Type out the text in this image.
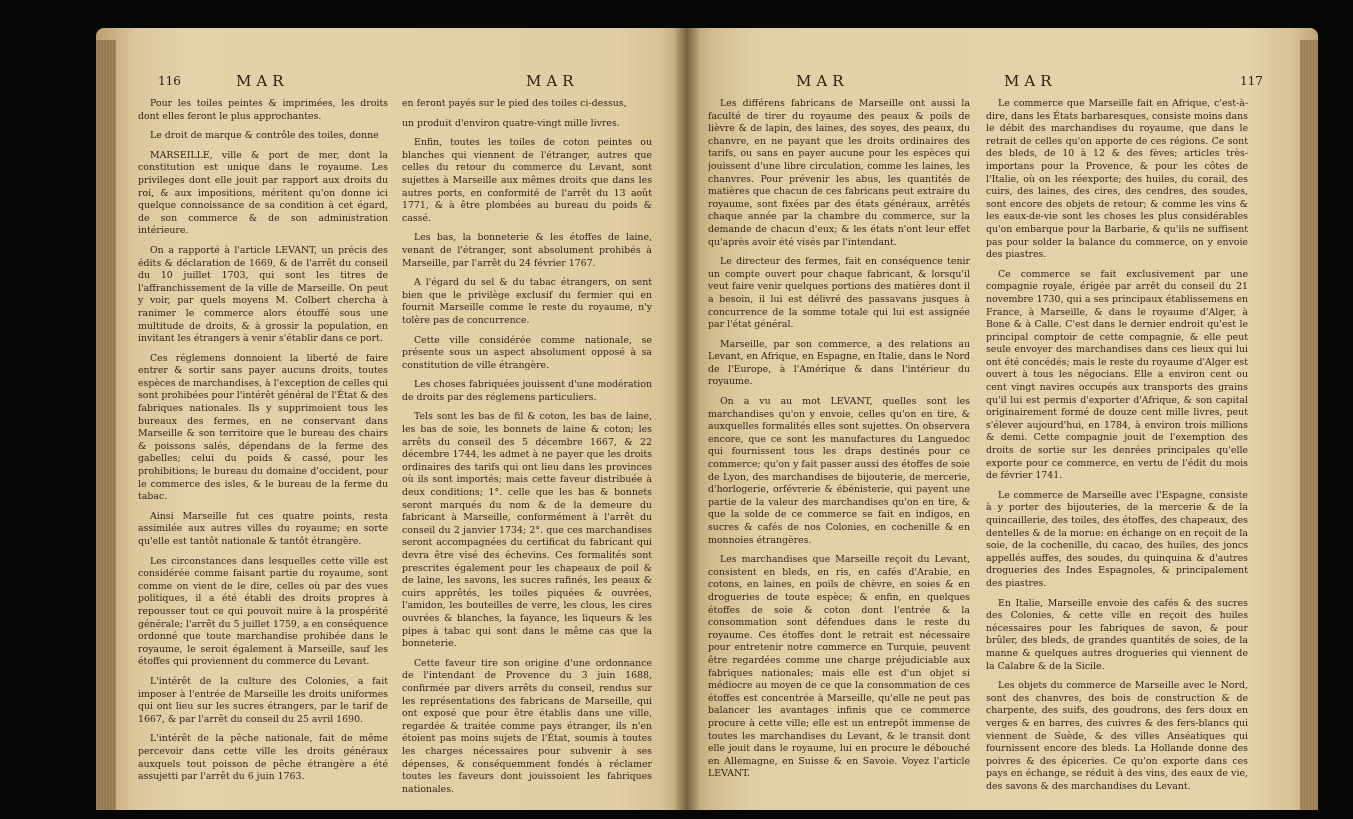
116	MAR	MAR

Pour les toiles peintes & imprimées, les droits dont elles feront le plus approchantes.

Le droit de marque & contrôle des toiles, donne

MARSEILLE, ville & port de mer, dont la constitution est unique dans le royaume. Les privileges dont elle jouit par rapport aux droits du roi, & aux impositions, méritent qu'on donne ici quelque connoissance de sa condition à cet égard, de son commerce & de son administration intérieure.

On a rapporté à l'article LEVANT, un précis des édits & déclaration de 1669, & de l'arrêt du conseil du 10 juillet 1703, qui sont les titres de l'affranchissement de la ville de Marseille. On peut y voir, par quels moyens M. Colbert chercha à ranimer le commerce alors étouffé sous une multitude de droits, & à grossir la population, en invitant les étrangers à venir s'établir dans ce port.

Ces réglemens donnoient la liberté de faire entrer & sortir sans payer aucuns droits, toutes espèces de marchandises, à l'exception de celles qui sont prohibées pour l'intérêt général de l'État & des fabriques nationales. Ils y supprimoient tous les bureaux des fermes, en ne conservant dans Marseille & son territoire que le bureau des chairs & poissons salés, dépendans de la ferme des gabelles; celui du poids & cassé, pour les prohibitions; le bureau du domaine d'occident, pour le commerce des isles, & le bureau de la ferme du tabac.

Ainsi Marseille fut ces quatre points, resta assimilée aux autres villes du royaume; en sorte qu'elle est tantôt nationale & tantôt étrangère.

Les circonstances dans lesquelles cette ville est considérée comme faisant partie du royaume, sont comme on vient de le dire, celles où par des vues politiques, il a été établi des droits propres à repousser tout ce qui pouvoit nuire à la prospérité générale; l'arrêt du 5 juillet 1759, a en conséquence ordonné que toute marchandise prohibée dans le royaume, le seroit également à Marseille, sauf les étoffes qui proviennent du commerce du Levant.

L'intérêt de la culture des Colonies, a fait imposer à l'entrée de Marseille les droits uniformes qui ont lieu sur les sucres étrangers, par le tarif de 1667, & par l'arrêt du conseil du 25 avril 1690.

L'intérêt de la pêche nationale, fait de même percevoir dans cette ville les droits généraux auxquels tout poisson de pêche étrangère a été assujetti par l'arrêt du 6 juin 1763.

en feront payés sur le pied des toiles ci-dessus,

un produit d'environ quatre-vingt mille livres.

Enfin, toutes les toiles de coton peintes ou blanches qui viennent de l'étranger, autres que celles du retour du commerce du Levant, sont sujettes à Marseille aux mêmes droits que dans les autres ports, en conformité de l'arrêt du 13 août 1771, & à être plombées au bureau du poids & cassé.

Les bas, la bonneterie & les étoffes de laine, venant de l'étranger, sont absolument prohibés à Marseille, par l'arrêt du 24 février 1767.

A l'égard du sel & du tabac étrangers, on sent bien que le privilège exclusif du fermier qui en fournit Marseille comme le reste du royaume, n'y tolère pas de concurrence.

Cette ville considérée comme nationale, se présente sous un aspect absolument opposé à sa constitution de ville étrangère.

Les choses fabriquées jouissent d'une modération de droits par des réglemens particuliers.

Tels sont les bas de fil & coton, les bas de laine, les bas de soie, les bonnets de laine & coton; les arrêts du conseil des 5 décembre 1667, & 22 décembre 1744, les admet à ne payer que les droits ordinaires des tarifs qui ont lieu dans les provinces où ils sont importés; mais cette faveur distribuée à deux conditions; 1°. celle que les bas & bonnets seront marqués du nom & de la demeure du fabricant à Marseille, conformément à l'arrêt du conseil du 2 janvier 1734; 2°. que ces marchandises seront accompagnées du certificat du fabricant qui devra être visé des échevins. Ces formalités sont prescrites également pour les chapeaux de poil & de laine, les savons, les sucres rafinés, les peaux & cuirs apprêtés, les toiles piquées & ouvrées, l'amidon, les bouteilles de verre, les clous, les cires ouvrées & blanches, la fayance, les liqueurs & les pipes à tabac qui sont dans le même cas que la bonneterie.

Cette faveur tire son origine d'une ordonnance de l'intendant de Provence du 3 juin 1688, confirmée par divers arrêts du conseil, rendus sur les représentations des fabricans de Marseille, qui ont exposé que pour être établis dans une ville, regardée & traitée comme pays étranger, ils n'en étoient pas moins sujets de l'État, soumis à toutes les charges nécessaires pour subvenir à ses dépenses, & conséquemment fondés à réclamer toutes les faveurs dont jouissoient les fabriques nationales.

MAR	MAR	117

Les différens fabricans de Marseille ont aussi la faculté de tirer du royaume des peaux & poils de lièvre & de lapin, des laines, des soyes, des peaux, du chanvre, en ne payant que les droits ordinaires des tarifs, ou sans en payer aucune pour les espèces qui jouissent d'une libre circulation, comme les laines, les chanvres. Pour prévenir les abus, les quantités de matières que chacun de ces fabricans peut extraire du royaume, sont fixées par des états généraux, arrêtés chaque année par la chambre du commerce, sur la demande de chacun d'eux; & les états n'ont leur effet qu'après avoir été visés par l'intendant.

Le directeur des fermes, fait en conséquence tenir un compte ouvert pour chaque fabricant, & lorsqu'il veut faire venir quelques portions des matières dont il a besoin, il lui est délivré des passavans jusques à concurrence de la somme totale qui lui est assignée par l'état général.

Marseille, par son commerce, a des relations au Levant, en Afrique, en Espagne, en Italie, dans le Nord de l'Europe, à l'Amérique & dans l'intérieur du royaume.

On a vu au mot LEVANT, quelles sont les marchandises qu'on y envoie, celles qu'on en tire, & auxquelles formalités elles sont sujettes. On observera encore, que ce sont les manufactures du Languedoc qui fournissent tous les draps destinés pour ce commerce; qu'on y fait passer aussi des étoffes de soie de Lyon, des marchandises de bijouterie, de mercerie, d'horlogerie, orfévrerie & ébénisterie, qui payent une partie de la valeur des marchandises qu'on en tire, & que la solde de ce commerce se fait en indigos, en sucres & cafés de nos Colonies, en cochenille & en monnoies étrangères.

Les marchandises que Marseille reçoit du Levant, consistent en bleds, en ris, en cafés d'Arabie, en cotons, en laines, en poils de chèvre, en soies & en drogueries de toute espèce; & enfin, en quelques étoffes de soie & coton dont l'entrée & la consommation sont défendues dans le reste du royaume. Ces étoffes dont le retrait est nécessaire pour entretenir notre commerce en Turquie, peuvent être regardées comme une charge préjudiciable aux fabriques nationales; mais elle est d'un objet si médiocre au moyen de ce que la consommation de ces étoffes est concentrée à Marseille, qu'elle ne peut pas balancer les avantages infinis que ce commerce procure à cette ville; elle est un entrepôt immense de toutes les marchandises du Levant, & le transit dont elle jouit dans le royaume, lui en procure le débouché en Allemagne, en Suisse & en Savoie. Voyez l'article LEVANT.

Le commerce que Marseille fait en Afrique, c'est-à-dire, dans les États barbaresques, consiste moins dans le débit des marchandises du royaume, que dans le retrait de celles qu'on apporte de ces régions. Ce sont des bleds, de 10 à 12 & des fèves; articles très-importans pour la Provence, & pour les côtes de l'Italie, où on les réexporte; des huiles, du corail, des cuirs, des laines, des cires, des cendres, des soudes, sont encore des objets de retour; & comme les vins & les eaux-de-vie sont les choses les plus considérables qu'on embarque pour la Barbarie, & qu'ils ne suffisent pas pour solder la balance du commerce, on y envoie des piastres.

Ce commerce se fait exclusivement par une compagnie royale, érigée par arrêt du conseil du 21 novembre 1730, qui a ses principaux établissemens en France, à Marseille, & dans le royaume d'Alger, à Bone & à Calle. C'est dans le dernier endroit qu'est le principal comptoir de cette compagnie, & elle peut seule envoyer des marchandises dans ces lieux qui lui ont été concédés; mais le reste du royaume d'Alger est ouvert à tous les négocians. Elle a environ cent ou cent vingt navires occupés aux transports des grains qu'il lui est permis d'exporter d'Afrique, & son capital originairement formé de douze cent mille livres, peut s'élever aujourd'hui, en 1784, à environ trois millions & demi. Cette compagnie jouit de l'exemption des droits de sortie sur les denrées principales qu'elle exporte pour ce commerce, en vertu de l'édit du mois de février 1741.

Le commerce de Marseille avec l'Espagne, consiste à y porter des bijouteries, de la mercerie & de la quincaillerie, des toiles, des étoffes, des chapeaux, des dentelles & de la morue: en échange on en reçoit de la soie, de la cochenille, du cacao, des huiles, des joncs appellés auffes, des soudes, du quinquina & d'autres drogueries des Indes Espagnoles, & principalement des piastres.

En Italie, Marseille envoie des cafés & des sucres des Colonies, & cette ville en reçoit des huiles nécessaires pour les fabriques de savon, & pour brûler, des bleds, de grandes quantités de soies, de la manne & quelques autres drogueries qui viennent de la Calabre & de la Sicile.

Les objets du commerce de Marseille avec le Nord, sont des chanvres, des bois de construction & de charpente, des suifs, des goudrons, des fers doux en verges & en barres, des cuivres & des fers-blancs qui viennent de Suède, & des villes Anséatiques qui fournissent encore des bleds. La Hollande donne des poivres & des épiceries. Ce qu'on exporte dans ces pays en échange, se réduit à des vins, des eaux de vie, des savons & des marchandises du Levant.
